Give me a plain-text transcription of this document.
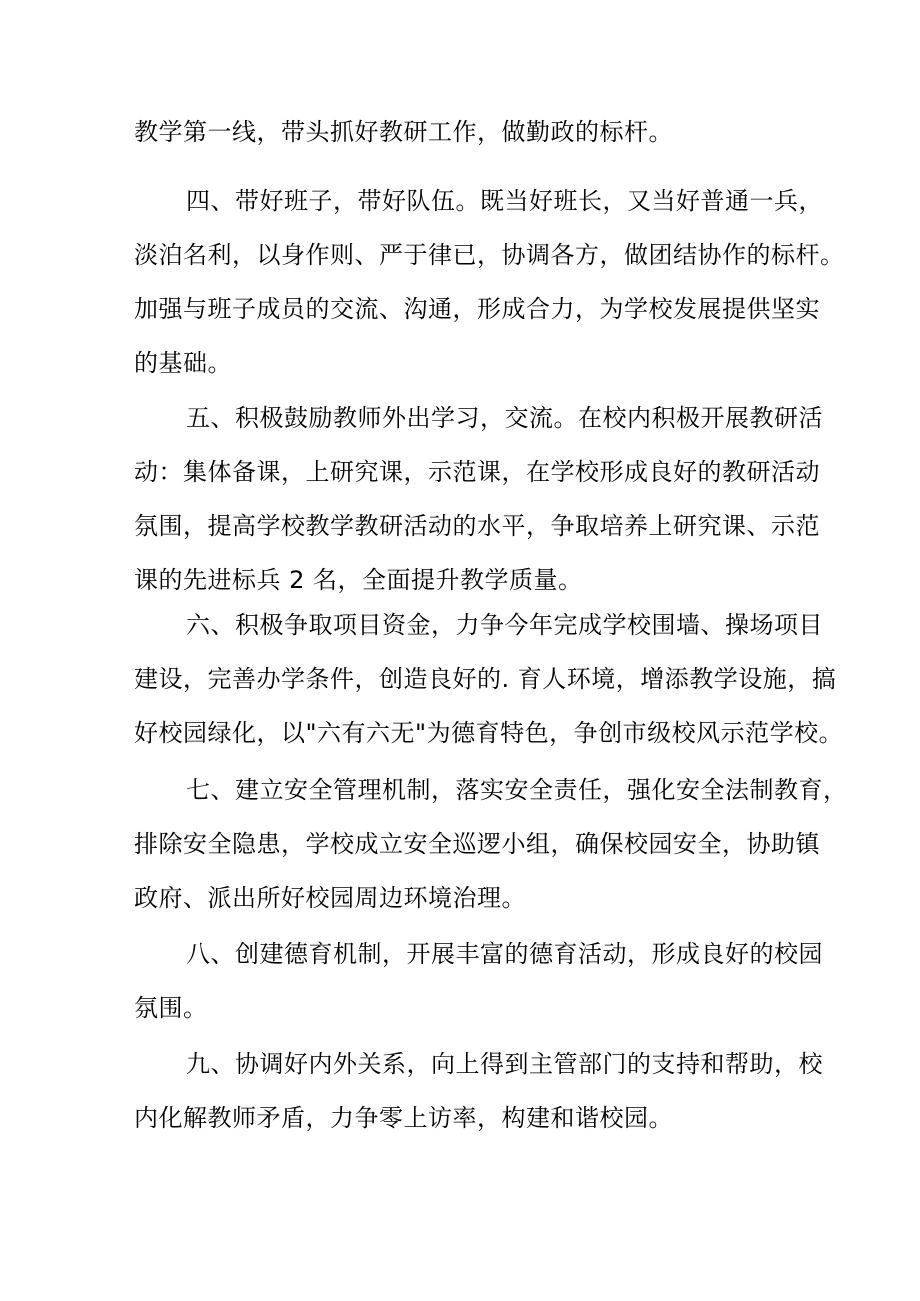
教学第一线，带头抓好教研工作，做勤政的标杆。
四、带好班子，带好队伍。既当好班长，又当好普通一兵，
淡泊名利，以身作则、严于律已，协调各方，做团结协作的标杆。
加强与班子成员的交流、沟通，形成合力，为学校发展提供坚实
的基础。
五、积极鼓励教师外出学习，交流。在校内积极开展教研活
动：集体备课，上研究课，示范课，在学校形成良好的教研活动
氛围，提高学校教学教研活动的水平，争取培养上研究课、示范
课的先进标兵 2 名，全面提升教学质量。
六、积极争取项目资金，力争今年完成学校围墙、操场项目
建设，完善办学条件，创造良好的. 育人环境，增添教学设施，搞
好校园绿化，以"六有六无"为德育特色，争创市级校风示范学校。
七、建立安全管理机制，落实安全责任，强化安全法制教育，
排除安全隐患，学校成立安全巡逻小组，确保校园安全，协助镇
政府、派出所好校园周边环境治理。
八、创建德育机制，开展丰富的德育活动，形成良好的校园
氛围。
九、协调好内外关系，向上得到主管部门的支持和帮助，校
内化解教师矛盾，力争零上访率，构建和谐校园。
